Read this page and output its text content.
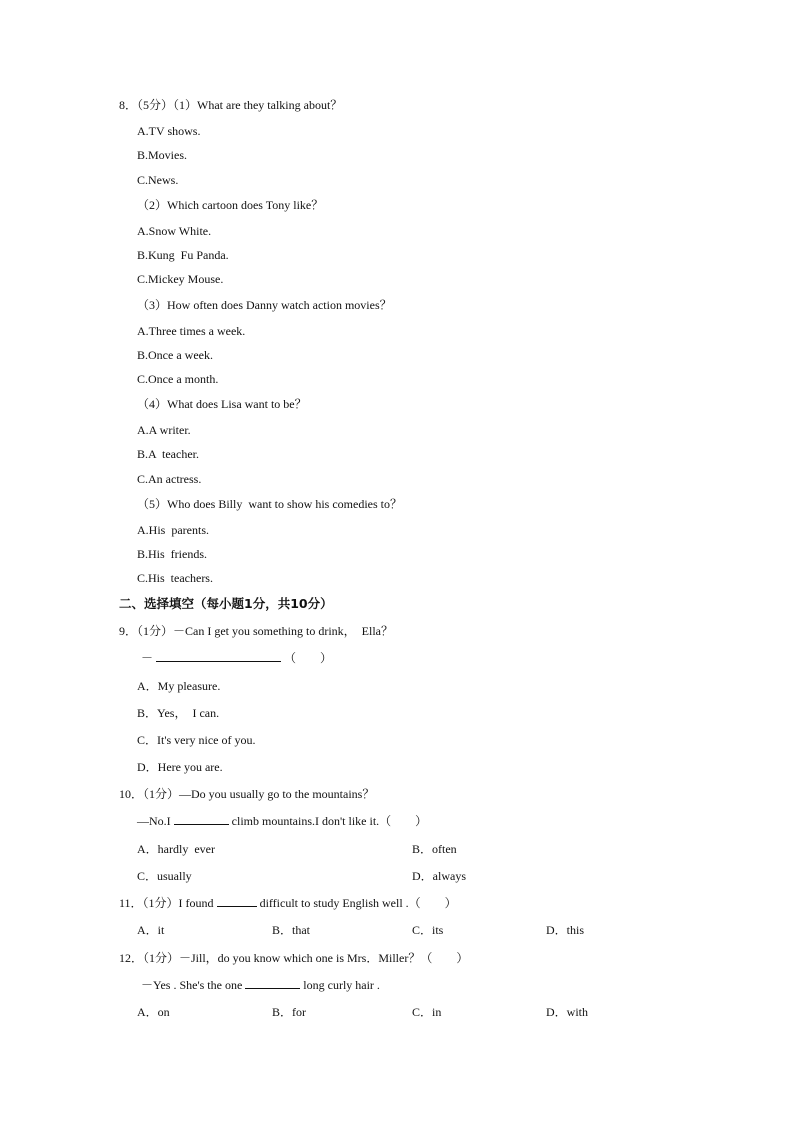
8．（5分）（1）What are they talking about？
A.TV shows.
B.Movies.
C.News.
（2）Which cartoon does Tony like？
A.Snow White.
B.Kung  Fu Panda.
C.Mickey Mouse.
（3）How often does Danny watch action movies？
A.Three times a week.
B.Once a week.
C.Once a month.
（4）What does Lisa want to be？
A.A writer.
B.A  teacher.
C.An actress.
（5）Who does Billy  want to show his comedies to？
A.His  parents.
B.His  friends.
C.His  teachers.
二、选择填空（每小题1分，共10分）
9．（1分）－Can I get you something to drink，  Ella？
－	（　　）
A．My pleasure.
B．Yes，  I can.
C．It's very nice of you.
D．Here you are.
10．（1分）—Do you usually go to the mountains？
—No.I	climb mountains.I don't like it.（　　）
A．hardly  ever	B．often
C．usually	D．always
11．（1分）I found	difficult to study English well .（　　）
A．it	B．that	C．its	D．this
12．（1分）－Jill，do you know which one is Mrs．Miller？（　　）
－Yes . She's the one	long curly hair .
A．on	B．for	C．in	D．with
